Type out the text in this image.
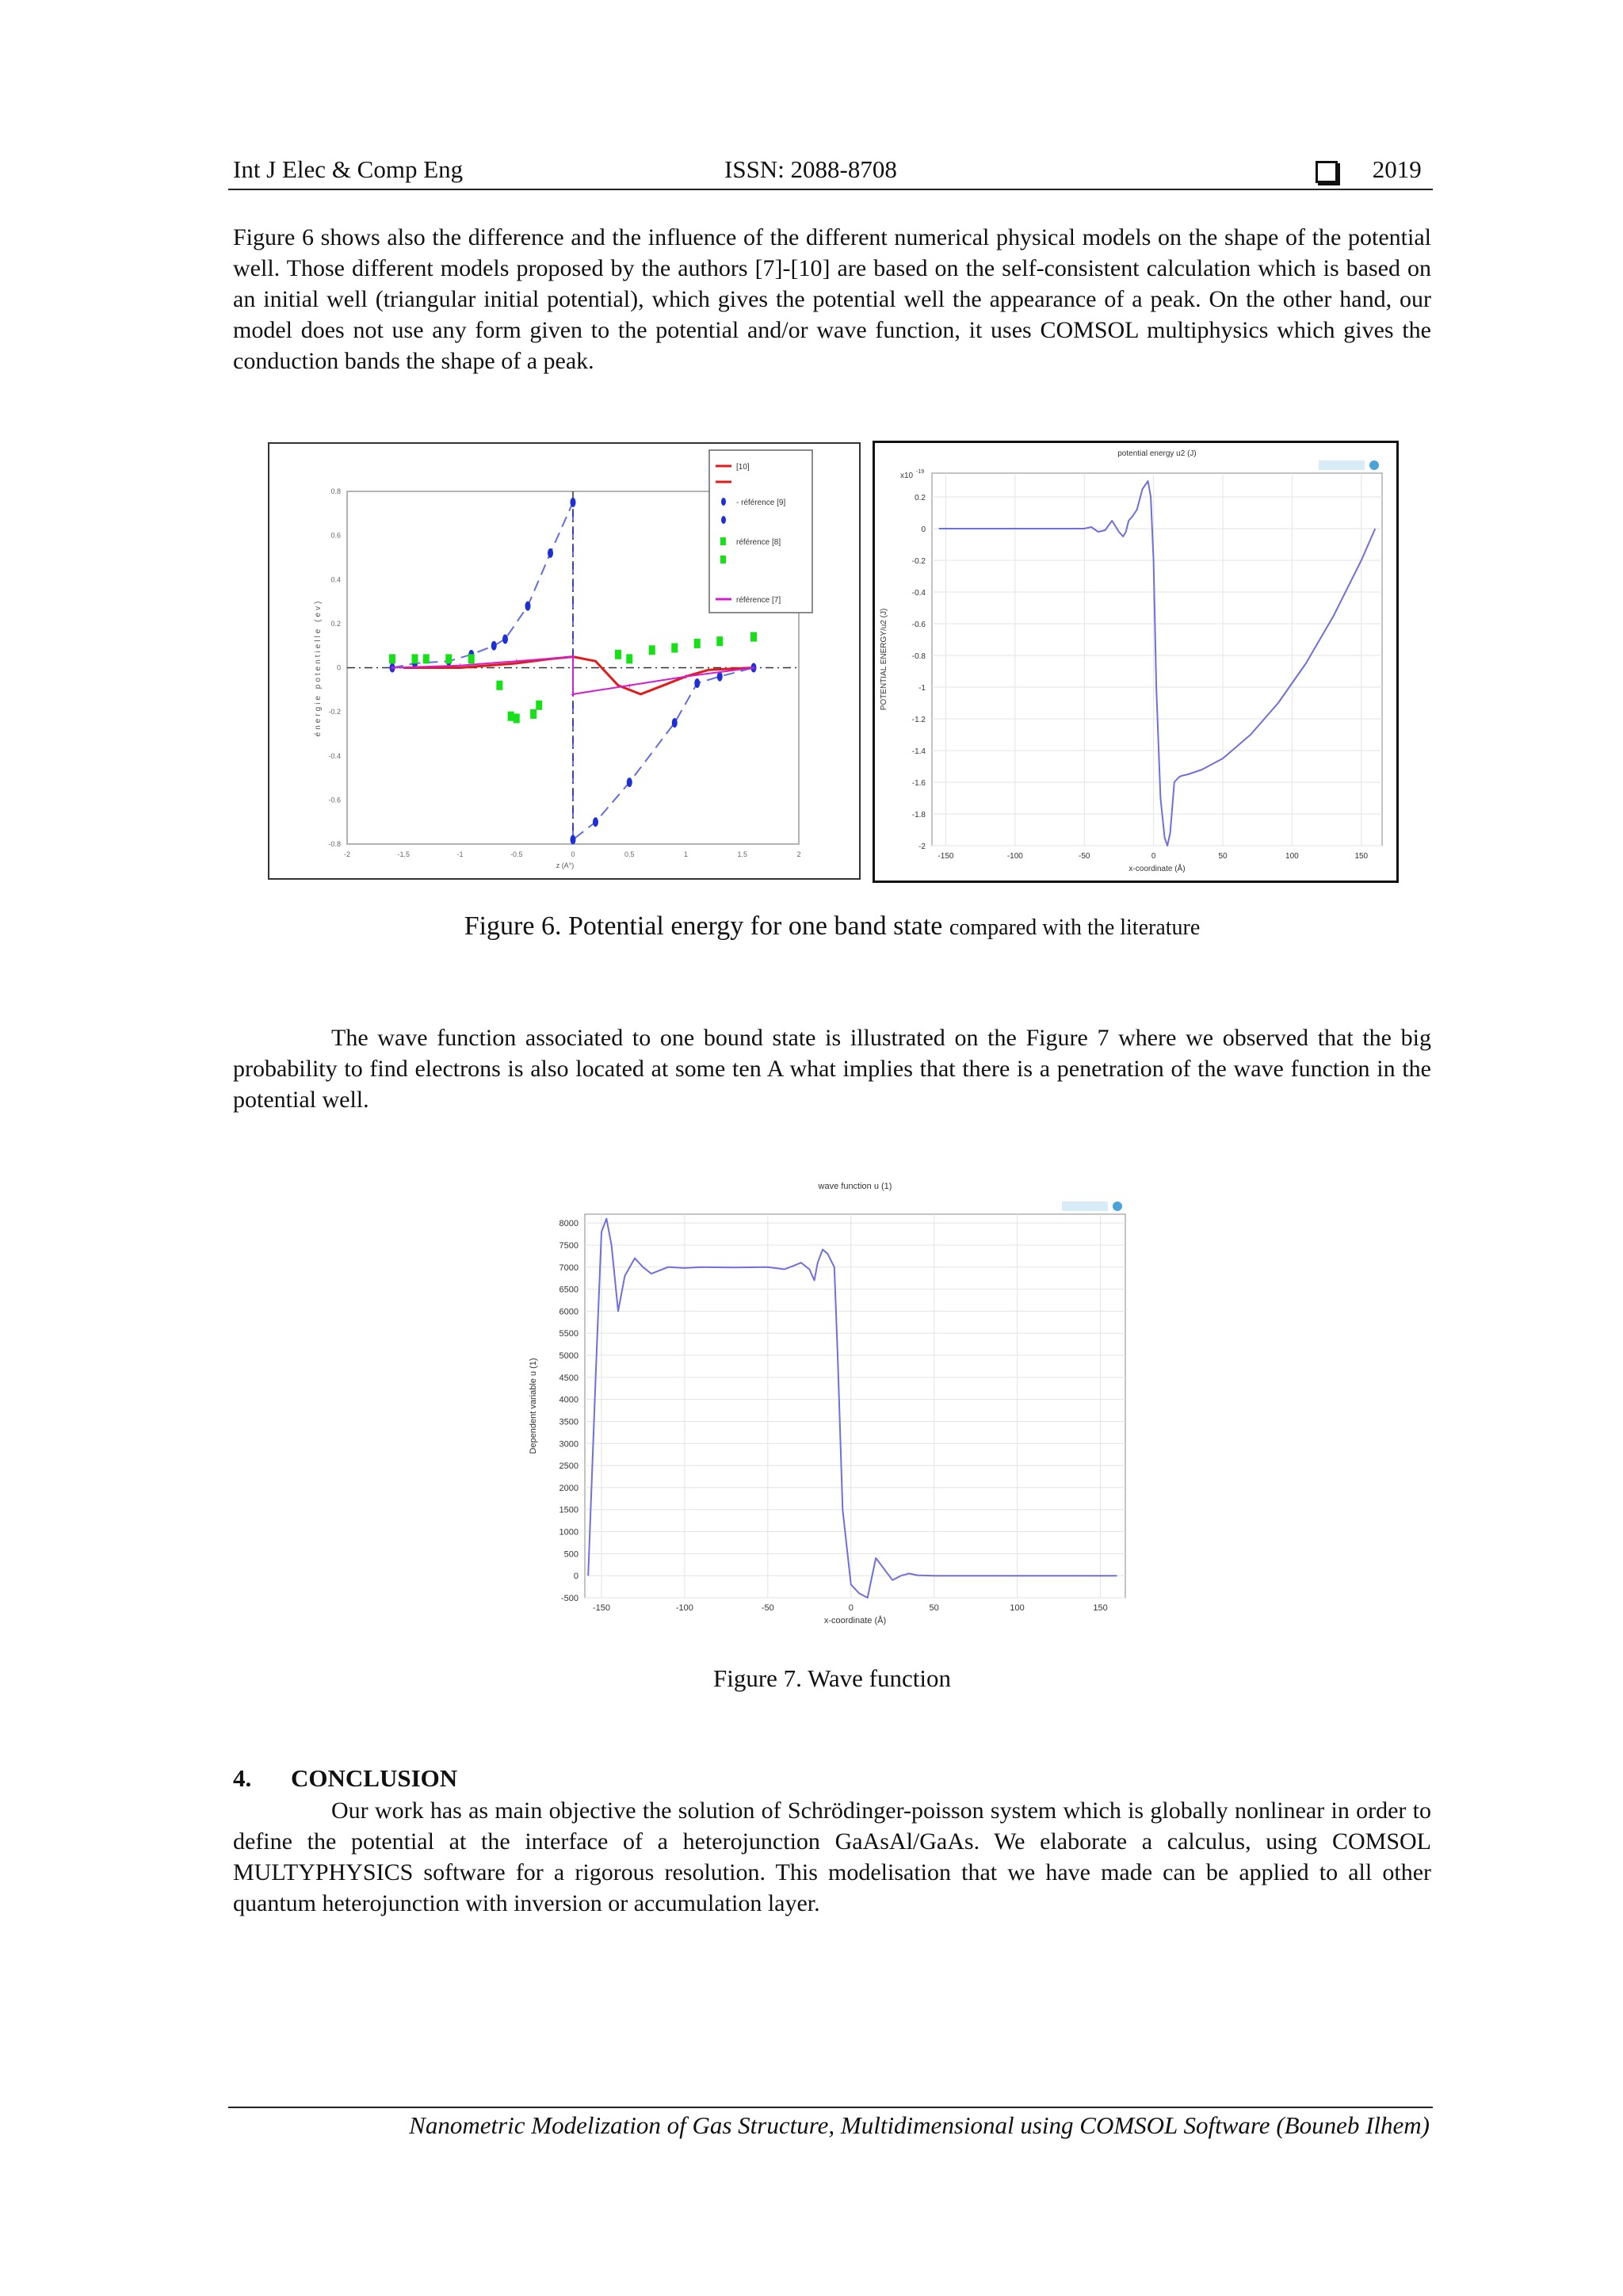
Int J Elec & Comp Eng	ISSN: 2088-8708	2019
Figure 6 shows also the difference and the influence of the different numerical physical models on the shape of the potential well. Those different models proposed by the authors [7]-[10] are based on the self-consistent calculation which is based on an initial well (triangular initial potential), which gives the potential well the appearance of a peak. On the other hand, our model does not use any form given to the potential and/or wave function, it uses COMSOL multiphysics which gives the conduction bands the shape of a peak.
-2	-1.5	-1	-0.5	0	0.5	1	1.5	2
-0.8
-0.6
-0.4
-0.2
0
0.2
0.4
0.6
0.8
z (A°)
énergie potentielle (ev)	+	+	+	+
+
+
+
+
[10]
- référence [9]
référence [8]
référence [7]
-150	-100	-50	0	50	100	150
0.2
0
-0.2
-0.4
-0.6
-0.8
-1
-1.2
-1.4
-1.6
-1.8
-2
potential energy u2 (J)
x-coordinate (Å)
POTENTIAL ENERGY/u2 (J)
x10 -19
Figure 6. Potential energy for one band state compared with the literature
The wave function associated to one bound state is illustrated on the Figure 7 where we observed that the big probability to find electrons is also located at some ten A what implies that there is a penetration of the wave function in the potential well.
-150	-100	-50	0	50	100	150
8000
7500
7000
6500
6000
5500
5000
4500
4000
3500
3000
2500
2000
1500
1000
500
0
-500
wave function u (1)
x-coordinate (Å)
Dependent variable u (1)
Figure 7. Wave function
4. CONCLUSION
Our work has as main objective the solution of Schrödinger-poisson system which is globally nonlinear in order to define the potential at the interface of a heterojunction GaAsAl/GaAs. We elaborate a calculus, using COMSOL MULTYPHYSICS software for a rigorous resolution. This modelisation that we have made can be applied to all other quantum heterojunction with inversion or accumulation layer.
Nanometric Modelization of Gas Structure, Multidimensional using COMSOL Software (Bouneb Ilhem)
